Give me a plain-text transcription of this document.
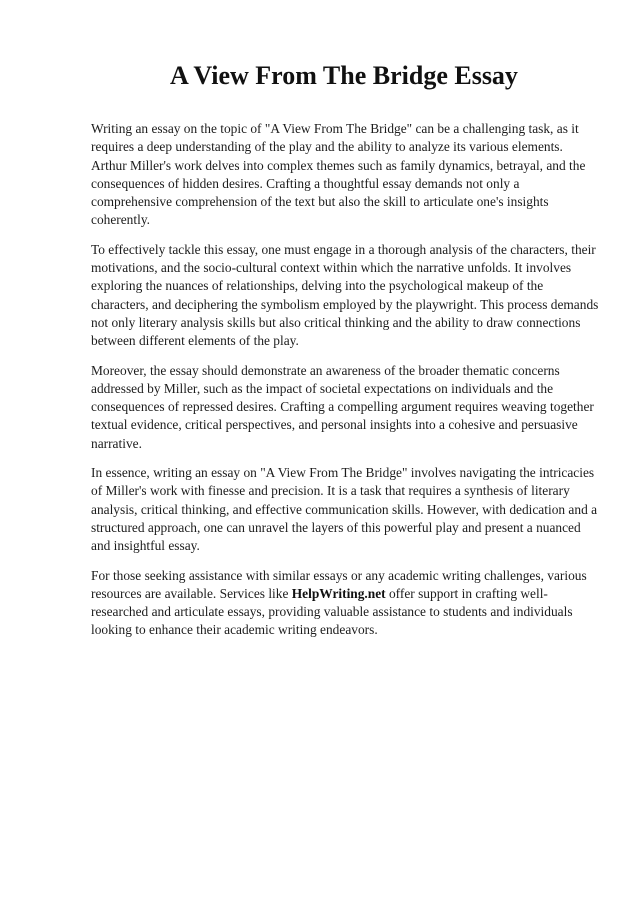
A View From The Bridge Essay

Writing an essay on the topic of "A View From The Bridge" can be a challenging task, as it requires a deep understanding of the play and the ability to analyze its various elements. Arthur Miller's work delves into complex themes such as family dynamics, betrayal, and the consequences of hidden desires. Crafting a thoughtful essay demands not only a comprehensive comprehension of the text but also the skill to articulate one's insights coherently.

To effectively tackle this essay, one must engage in a thorough analysis of the characters, their motivations, and the socio-cultural context within which the narrative unfolds. It involves exploring the nuances of relationships, delving into the psychological makeup of the characters, and deciphering the symbolism employed by the playwright. This process demands not only literary analysis skills but also critical thinking and the ability to draw connections between different elements of the play.

Moreover, the essay should demonstrate an awareness of the broader thematic concerns addressed by Miller, such as the impact of societal expectations on individuals and the consequences of repressed desires. Crafting a compelling argument requires weaving together textual evidence, critical perspectives, and personal insights into a cohesive and persuasive narrative.

In essence, writing an essay on "A View From The Bridge" involves navigating the intricacies of Miller's work with finesse and precision. It is a task that requires a synthesis of literary analysis, critical thinking, and effective communication skills. However, with dedication and a structured approach, one can unravel the layers of this powerful play and present a nuanced and insightful essay.

For those seeking assistance with similar essays or any academic writing challenges, various resources are available. Services like HelpWriting.net offer support in crafting well-researched and articulate essays, providing valuable assistance to students and individuals looking to enhance their academic writing endeavors.
